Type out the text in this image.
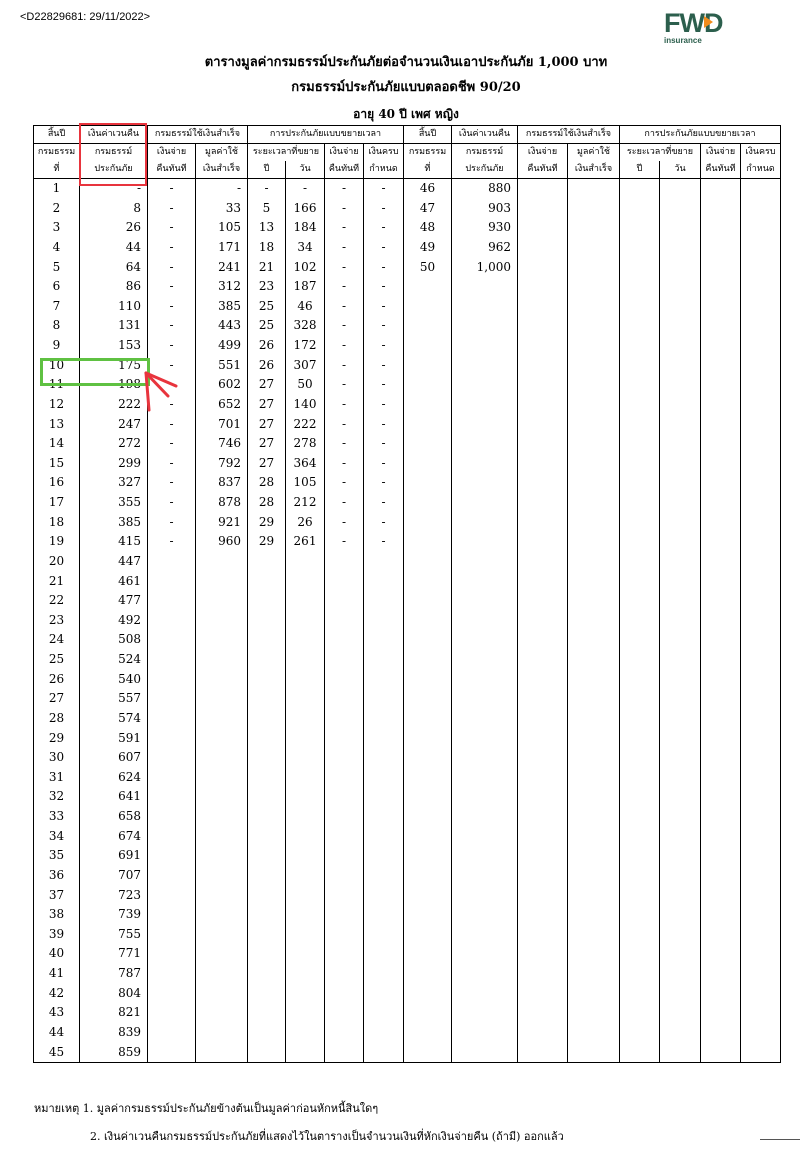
<D22829681: 29/11/2022>	FWD
insurance
ตารางมูลค่ากรมธรรม์ประกันภัยต่อจำนวนเงินเอาประกันภัย 1,000 บาท
กรมธรรม์ประกันภัยแบบตลอดชีพ 90/20
อายุ 40 ปี เพศ หญิง
สิ้นปี	เงินค่าเวนคืน	กรมธรรม์ใช้เงินสำเร็จ		การประกันภัยแบบขยายเวลา				สิ้นปี	เงินค่าเวนคืน	กรมธรรม์ใช้เงินสำเร็จ		การประกันภัยแบบขยายเวลา			
กรมธรรม	กรมธรรม์	เงินจ่าย	มูลค่าใช้	ระยะเวลาที่ขยาย		เงินจ่าย	เงินครบ	กรมธรรม	กรมธรรม์	เงินจ่าย	มูลค่าใช้	ระยะเวลาที่ขยาย		เงินจ่าย	เงินครบ
ที่	ประกันภัย	คืนทันที	เงินสำเร็จ	ปี	วัน	คืนทันที	กำหนด	ที่	ประกันภัย	คืนทันที	เงินสำเร็จ	ปี	วัน	คืนทันที	กำหนด
1	-	-	-	-	-	-	-	46	880						
2	8	-	33	5	166	-	-	47	903						
3	26	-	105	13	184	-	-	48	930						
4	44	-	171	18	34	-	-	49	962						
5	64	-	241	21	102	-	-	50	1,000						
6	86	-	312	23	187	-	-								
7	110	-	385	25	46	-	-								
8	131	-	443	25	328	-	-								
9	153	-	499	26	172	-	-								
10	175	-	551	26	307	-	-								
11	198	-	602	27	50	-	-								
12	222	-	652	27	140	-	-								
13	247	-	701	27	222	-	-								
14	272	-	746	27	278	-	-								
15	299	-	792	27	364	-	-								
16	327	-	837	28	105	-	-								
17	355	-	878	28	212	-	-								
18	385	-	921	29	26	-	-								
19	415	-	960	29	261	-	-								
20	447														
21	461														
22	477														
23	492														
24	508														
25	524														
26	540														
27	557														
28	574														
29	591														
30	607														
31	624														
32	641														
33	658														
34	674														
35	691														
36	707														
37	723														
38	739														
39	755														
40	771														
41	787														
42	804														
43	821														
44	839														
45	859														
หมายเหตุ 1. มูลค่ากรมธรรม์ประกันภัยข้างต้นเป็นมูลค่าก่อนหักหนี้สินใดๆ
2. เงินค่าเวนคืนกรมธรรม์ประกันภัยที่แสดงไว้ในตารางเป็นจำนวนเงินที่หักเงินจ่ายคืน (ถ้ามี) ออกแล้ว
